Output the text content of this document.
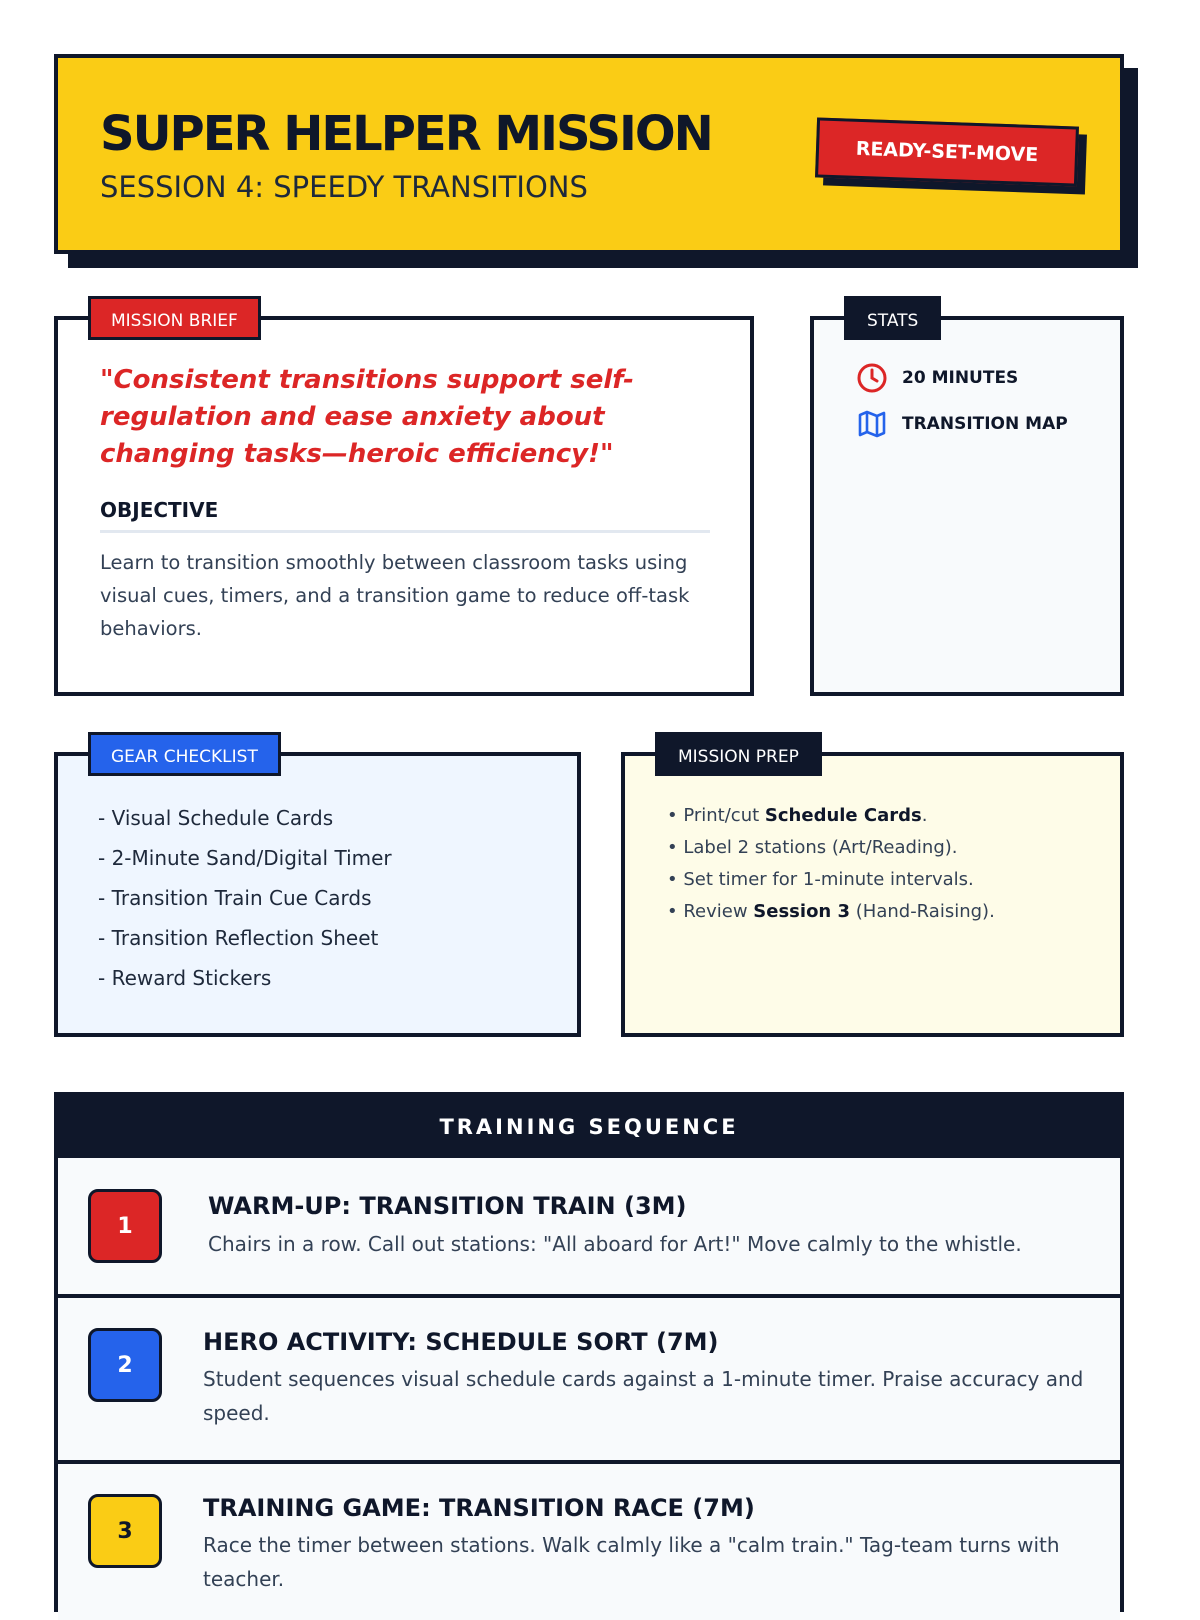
SUPER HELPER MISSION
SESSION 4: SPEEDY TRANSITIONS
READY-SET-MOVE
MISSION BRIEF
"Consistent transitions support self-regulation and ease anxiety about changing tasks—heroic efficiency!"
OBJECTIVE
Learn to transition smoothly between classroom tasks using visual cues, timers, and a transition game to reduce off-task behaviors.
STATS
20 MINUTES
TRANSITION MAP
GEAR CHECKLIST
- Visual Schedule Cards
- 2-Minute Sand/Digital Timer
- Transition Train Cue Cards
- Transition Reflection Sheet
- Reward Stickers
MISSION PREP
• Print/cut Schedule Cards.
• Label 2 stations (Art/Reading).
• Set timer for 1-minute intervals.
• Review Session 3 (Hand-Raising).
TRAINING SEQUENCE
1
WARM-UP: TRANSITION TRAIN (3M)
Chairs in a row. Call out stations: "All aboard for Art!" Move calmly to the whistle.
2
HERO ACTIVITY: SCHEDULE SORT (7M)
Student sequences visual schedule cards against a 1-minute timer. Praise accuracy and speed.
3
TRAINING GAME: TRANSITION RACE (7M)
Race the timer between stations. Walk calmly like a "calm train." Tag-team turns with teacher.
